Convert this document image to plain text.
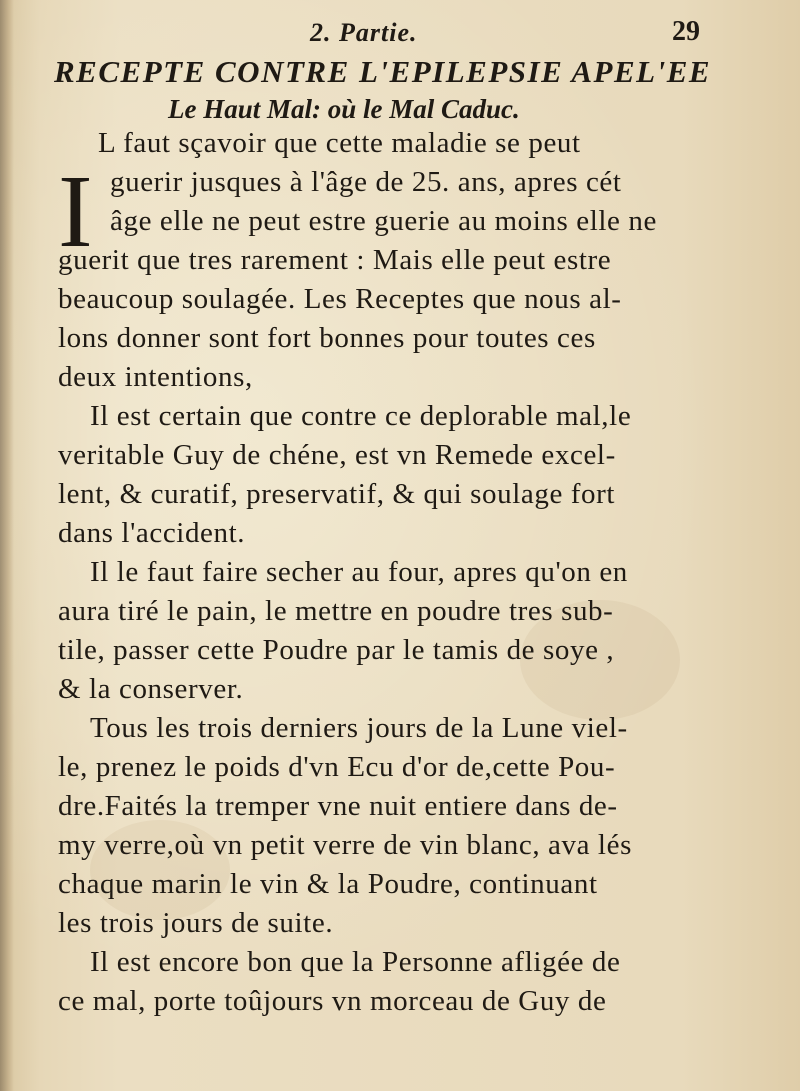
2. Partie.	29
RECEPTE CONTRE L'EPILEPSIE APEL'EE
Le Haut Mal: où le Mal Caduc.
I
L faut sçavoir que cette maladie se peut
guerir jusques à l'âge de 25. ans, apres cét
âge elle ne peut estre guerie au moins elle ne
guerit que tres rarement : Mais elle peut estre
beaucoup soulagée. Les Receptes que nous al-
lons donner sont fort bonnes pour toutes ces
deux intentions,
Il est certain que contre ce deplorable mal,le
veritable Guy de chéne, est vn Remede excel-
lent, & curatif, preservatif, & qui soulage fort
dans l'accident.
Il le faut faire secher au four, apres qu'on en
aura tiré le pain, le mettre en poudre tres sub-
tile, passer cette Poudre par le tamis de soye ,
& la conserver.
Tous les trois derniers jours de la Lune viel-
le, prenez le poids d'vn Ecu d'or de,cette Pou-
dre.Faités la tremper vne nuit entiere dans de-
my verre,où vn petit verre de vin blanc, ava lés
chaque marin le vin & la Poudre, continuant
les trois jours de suite.
Il est encore bon que la Personne afligée de
ce mal, porte toûjours vn morceau de Guy de
